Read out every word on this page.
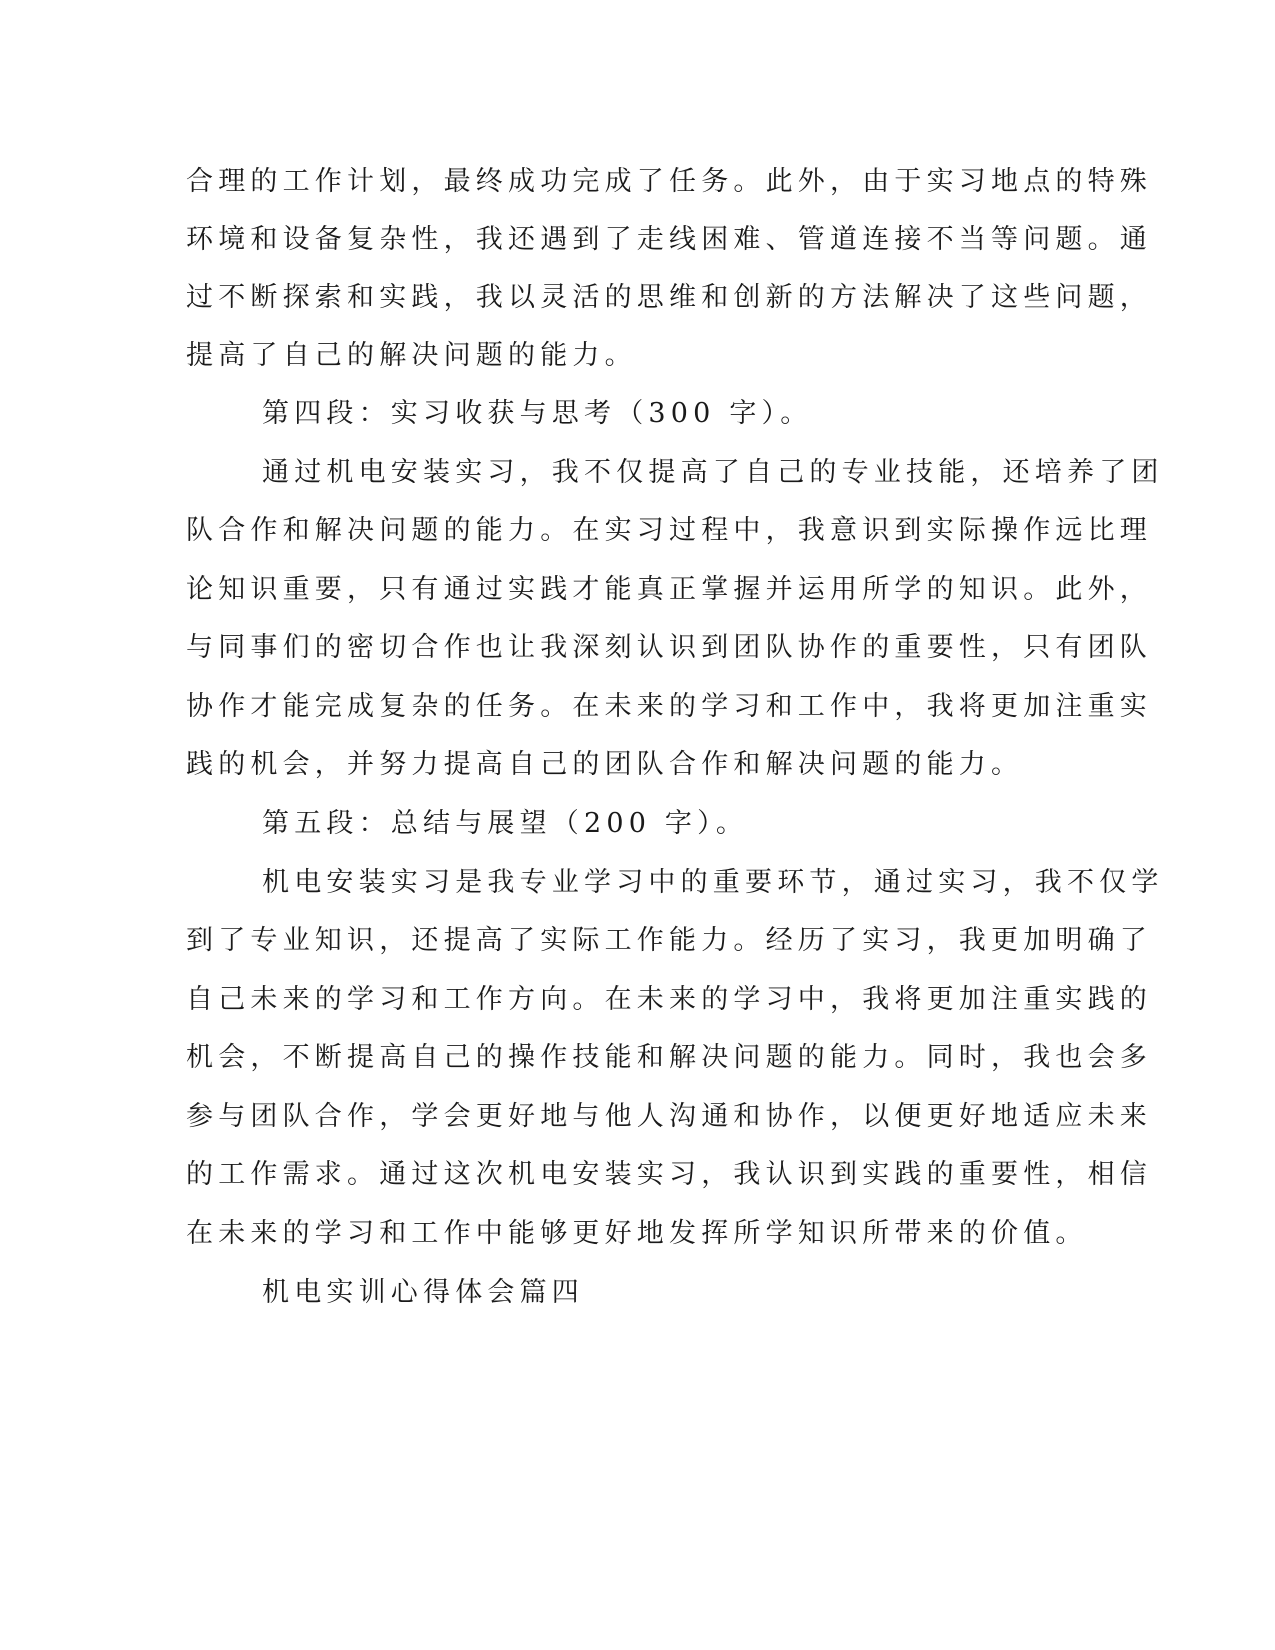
合理的工作计划，最终成功完成了任务。此外，由于实习地点的特殊
环境和设备复杂性，我还遇到了走线困难、管道连接不当等问题。通
过不断探索和实践，我以灵活的思维和创新的方法解决了这些问题，
提高了自己的解决问题的能力。
第四段：实习收获与思考（300 字）。
通过机电安装实习，我不仅提高了自己的专业技能，还培养了团
队合作和解决问题的能力。在实习过程中，我意识到实际操作远比理
论知识重要，只有通过实践才能真正掌握并运用所学的知识。此外，
与同事们的密切合作也让我深刻认识到团队协作的重要性，只有团队
协作才能完成复杂的任务。在未来的学习和工作中，我将更加注重实
践的机会，并努力提高自己的团队合作和解决问题的能力。
第五段：总结与展望（200 字）。
机电安装实习是我专业学习中的重要环节，通过实习，我不仅学
到了专业知识，还提高了实际工作能力。经历了实习，我更加明确了
自己未来的学习和工作方向。在未来的学习中，我将更加注重实践的
机会，不断提高自己的操作技能和解决问题的能力。同时，我也会多
参与团队合作，学会更好地与他人沟通和协作，以便更好地适应未来
的工作需求。通过这次机电安装实习，我认识到实践的重要性，相信
在未来的学习和工作中能够更好地发挥所学知识所带来的价值。
机电实训心得体会篇四
